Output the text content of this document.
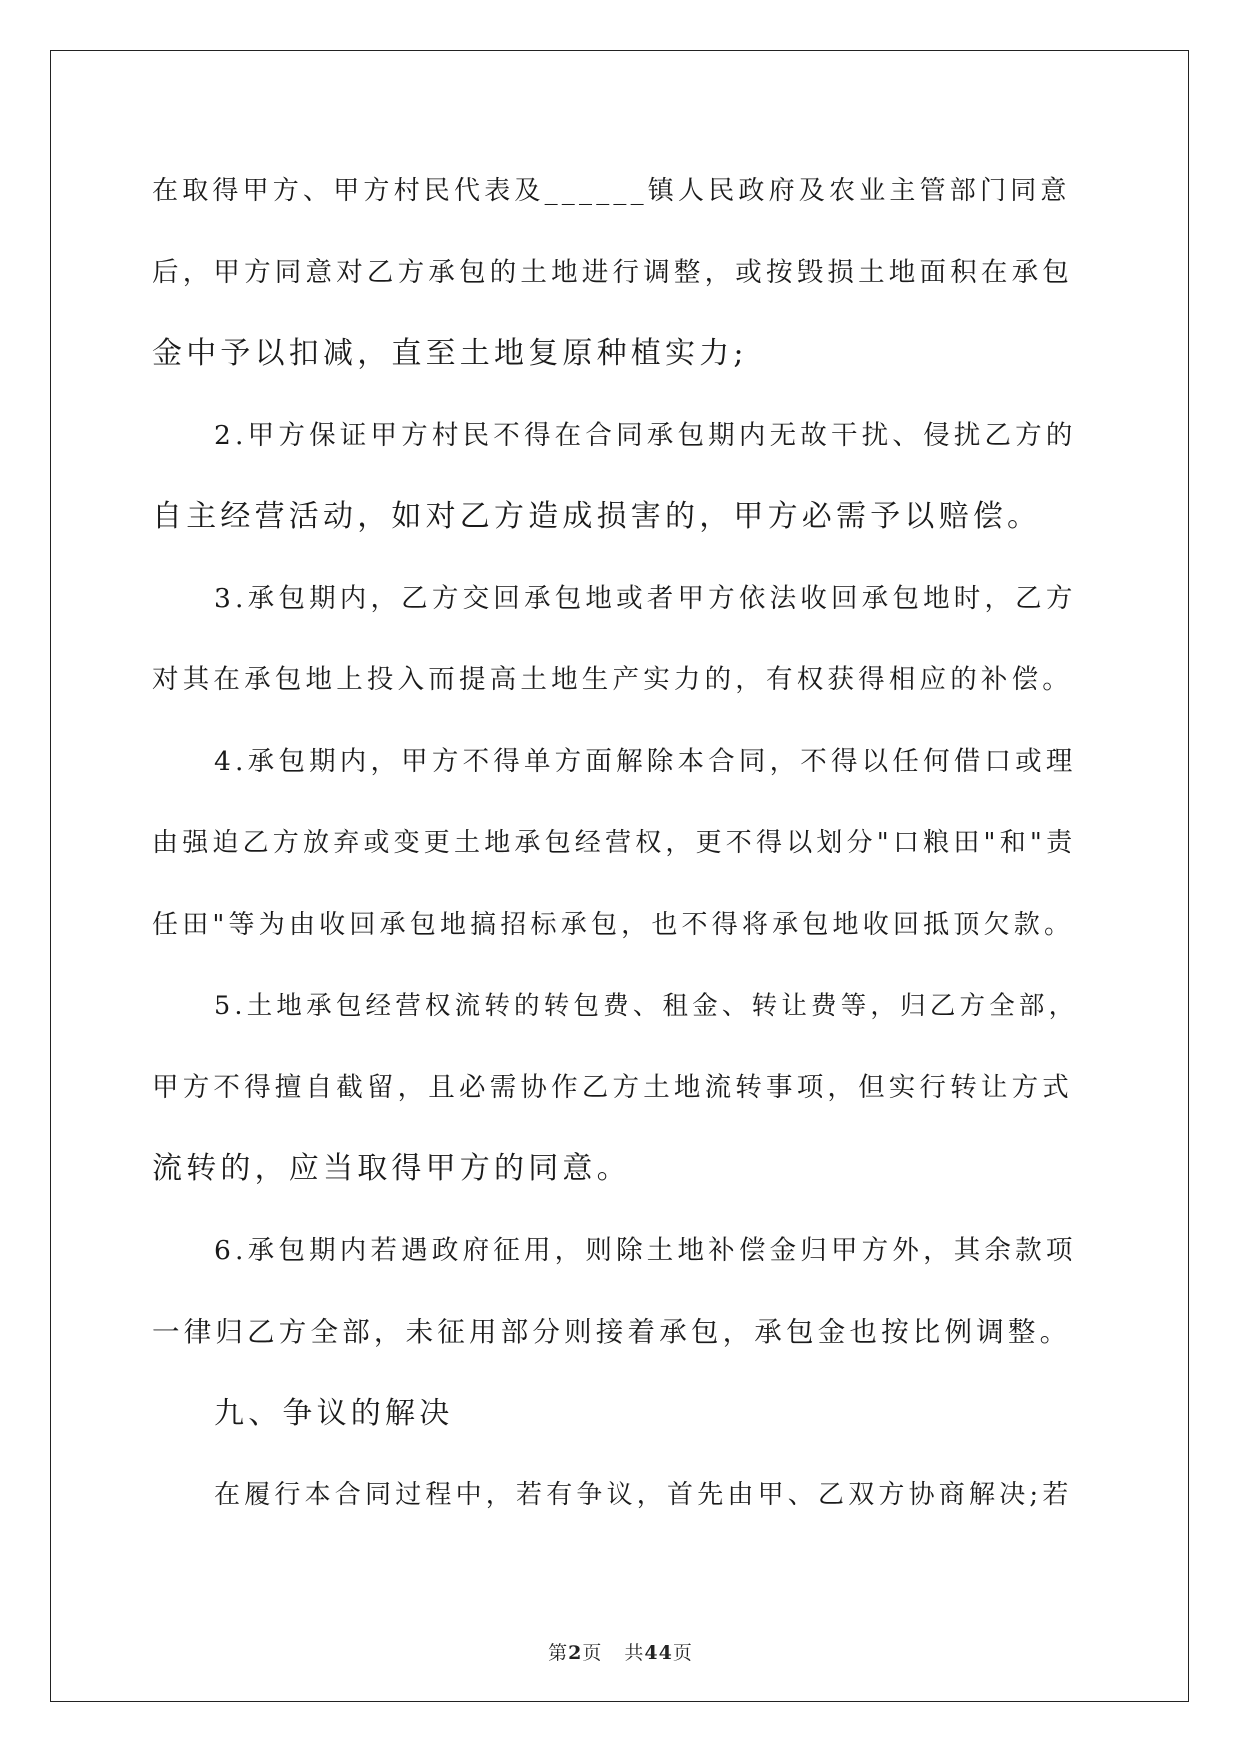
在取得甲方、甲方村民代表及______镇人民政府及农业主管部门同意
后，甲方同意对乙方承包的土地进行调整，或按毁损土地面积在承包
金中予以扣减，直至土地复原种植实力;
2.甲方保证甲方村民不得在合同承包期内无故干扰、侵扰乙方的
自主经营活动，如对乙方造成损害的，甲方必需予以赔偿。
3.承包期内，乙方交回承包地或者甲方依法收回承包地时，乙方
对其在承包地上投入而提高土地生产实力的，有权获得相应的补偿。
4.承包期内，甲方不得单方面解除本合同，不得以任何借口或理
由强迫乙方放弃或变更土地承包经营权，更不得以划分"口粮田"和"责
任田"等为由收回承包地搞招标承包，也不得将承包地收回抵顶欠款。
5.土地承包经营权流转的转包费、租金、转让费等，归乙方全部，
甲方不得擅自截留，且必需协作乙方土地流转事项，但实行转让方式
流转的，应当取得甲方的同意。
6.承包期内若遇政府征用，则除土地补偿金归甲方外，其余款项
一律归乙方全部，未征用部分则接着承包，承包金也按比例调整。
九、争议的解决
在履行本合同过程中，若有争议，首先由甲、乙双方协商解决;若
第2页 共44页
